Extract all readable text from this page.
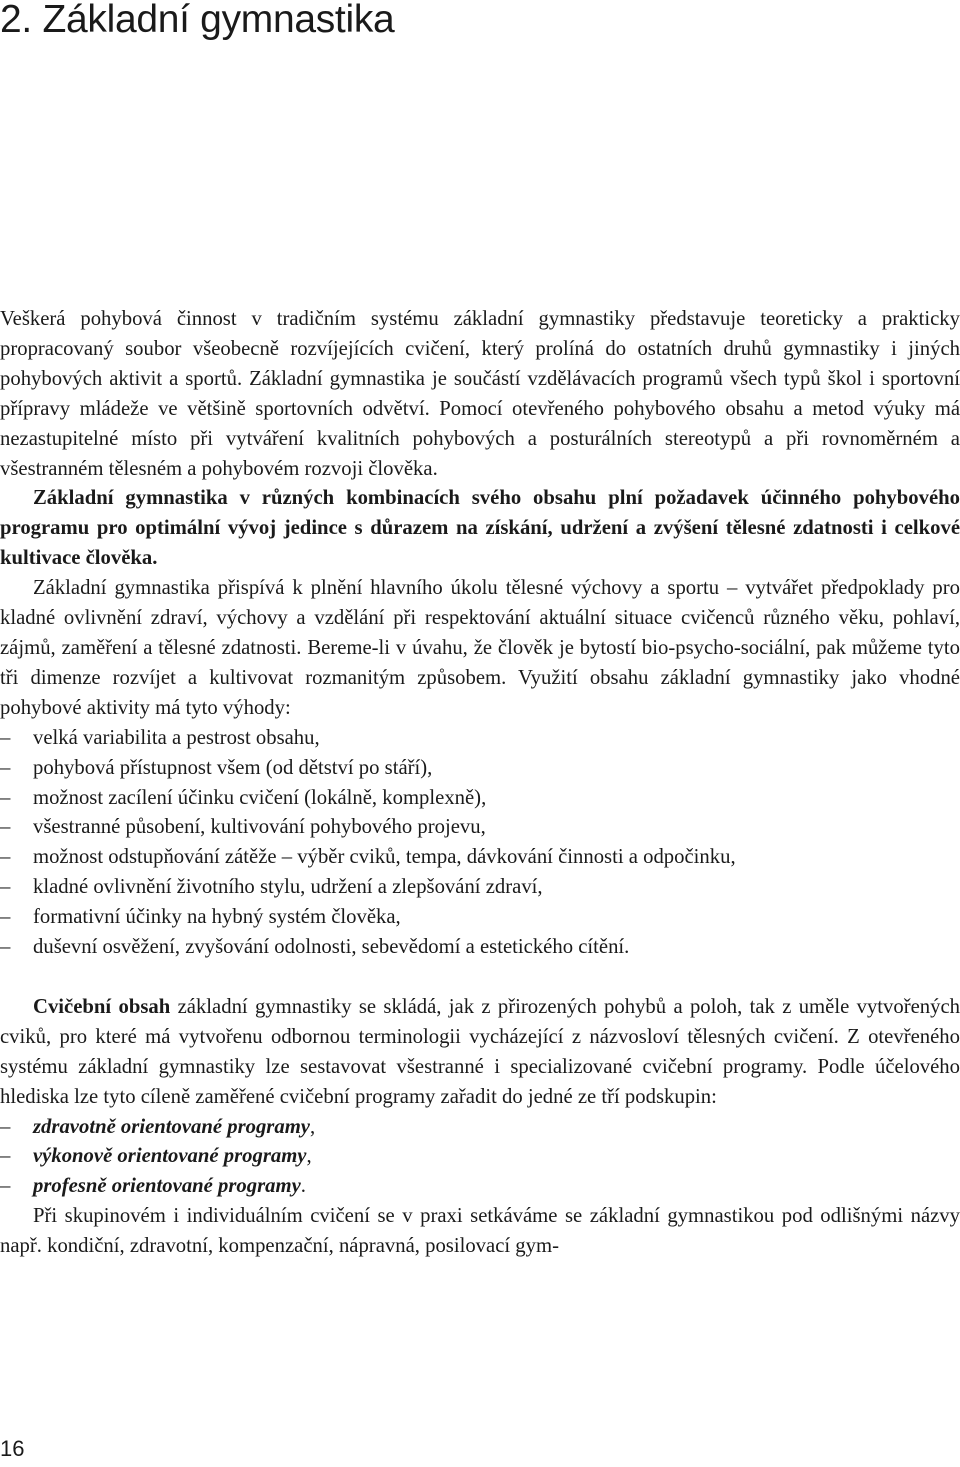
2. Základní gymnastika

Veškerá pohybová činnost v tradičním systému základní gymnastiky představuje teoreticky a prakticky propracovaný soubor všeobecně rozvíjejících cvičení, který prolíná do ostatních druhů gymnastiky i jiných pohybových aktivit a sportů. Základní gymnastika je součástí vzdělávacích programů všech typů škol i sportovní přípravy mládeže ve většině sportovních odvětví. Pomocí otevřeného pohybového obsahu a metod výuky má nezastupitelné místo při vytváření kvalitních pohybových a posturálních stereotypů a při rovnoměrném a všestranném tělesném a pohybovém rozvoji člověka.

Základní gymnastika v různých kombinacích svého obsahu plní požadavek účinného pohybového programu pro optimální vývoj jedince s důrazem na získání, udržení a zvýšení tělesné zdatnosti i celkové kultivace člověka.

Základní gymnastika přispívá k plnění hlavního úkolu tělesné výchovy a sportu – vytvářet předpoklady pro kladné ovlivnění zdraví, výchovy a vzdělání při respektování aktuální situace cvičenců různého věku, pohlaví, zájmů, zaměření a tělesné zdatnosti. Bereme-li v úvahu, že člověk je bytostí bio-psycho-sociální, pak můžeme tyto tři dimenze rozvíjet a kultivovat rozmanitým způsobem. Využití obsahu základní gymnastiky jako vhodné pohybové aktivity má tyto výhody:

– velká variabilita a pestrost obsahu,
– pohybová přístupnost všem (od dětství po stáří),
– možnost zacílení účinku cvičení (lokálně, komplexně),
– všestranné působení, kultivování pohybového projevu,
– možnost odstupňování zátěže – výběr cviků, tempa, dávkování činnosti a odpočinku,
– kladné ovlivnění životního stylu, udržení a zlepšování zdraví,
– formativní účinky na hybný systém člověka,
– duševní osvěžení, zvyšování odolnosti, sebevědomí a estetického cítění.

Cvičební obsah základní gymnastiky se skládá, jak z přirozených pohybů a poloh, tak z uměle vytvořených cviků, pro které má vytvořenu odbornou terminologii vycházející z názvosloví tělesných cvičení. Z otevřeného systému základní gymnastiky lze sestavovat všestranné i specializované cvičební programy. Podle účelového hlediska lze tyto cíleně zaměřené cvičební programy zařadit do jedné ze tří podskupin:

– zdravotně orientované programy,
– výkonově orientované programy,
– profesně orientované programy.

Při skupinovém i individuálním cvičení se v praxi setkáváme se základní gymnastikou pod odlišnými názvy např. kondiční, zdravotní, kompenzační, nápravná, posilovací gym-

16
